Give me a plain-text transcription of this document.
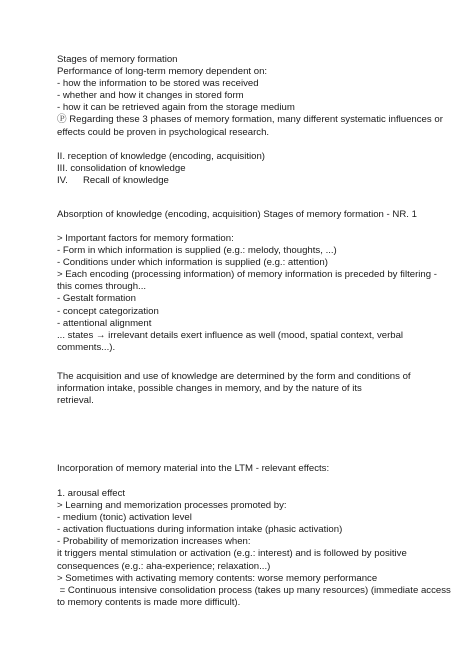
Stages of memory formation
Performance of long-term memory dependent on:
- how the information to be stored was received
- whether and how it changes in stored form
- how it can be retrieved again from the storage medium
Ⓟ Regarding these 3 phases of memory formation, many different systematic influences or
effects could be proven in psychological research.
II. reception of knowledge (encoding, acquisition)
III. consolidation of knowledge
IV. Recall of knowledge
Absorption of knowledge (encoding, acquisition) Stages of memory formation - NR. 1
> Important factors for memory formation:
- Form in which information is supplied (e.g.: melody, thoughts, ...)
- Conditions under which information is supplied (e.g.: attention)
> Each encoding (processing information) of memory information is preceded by filtering -
this comes through...
- Gestalt formation
- concept categorization
- attentional alignment
... states → irrelevant details exert influence as well (mood, spatial context, verbal
comments...).
The acquisition and use of knowledge are determined by the form and conditions of
information intake, possible changes in memory, and by the nature of its
retrieval.
Incorporation of memory material into the LTM - relevant effects:
1. arousal effect
> Learning and memorization processes promoted by:
- medium (tonic) activation level
- activation fluctuations during information intake (phasic activation)
- Probability of memorization increases when:
it triggers mental stimulation or activation (e.g.: interest) and is followed by positive
consequences (e.g.: aha-experience; relaxation...)
> Sometimes with activating memory contents: worse memory performance
= Continuous intensive consolidation process (takes up many resources) (immediate access
to memory contents is made more difficult).
